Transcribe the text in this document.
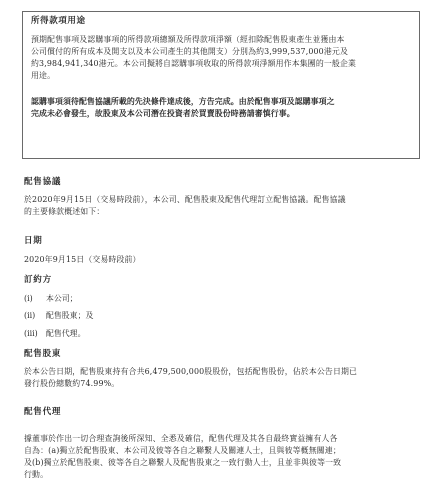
所得款項用途
預期配售事項及認購事項的所得款項總額及所得款項淨額（經扣除配售股東產生並獲由本
公司償付的所有成本及開支以及本公司產生的其他開支）分別為約3,999,537,000港元及
約3,984,941,340港元。本公司擬將自認購事項收取的所得款項淨額用作本集團的一般企業
用途。
認購事項須待配售協議所載的先決條件達成後，方告完成。由於配售事項及認購事項之
完成未必會發生，故股東及本公司潛在投資者於買賣股份時務請審慎行事。
配售協議
於2020年9月15日（交易時段前），本公司、配售股東及配售代理訂立配售協議。配售協議
的主要條款概述如下：
日期
2020年9月15日（交易時段前）
訂約方
(i) 本公司；
(ii) 配售股東；及
(iii) 配售代理。
配售股東
於本公告日期，配售股東持有合共6,479,500,000股股份，包括配售股份，佔於本公告日期已
發行股份總數約74.99%。
配售代理
據董事於作出一切合理查詢後所深知、全悉及確信，配售代理及其各自最終實益擁有人各
自為：(a)獨立於配售股東、本公司及彼等各自之聯繫人及關連人士，且與彼等概無關連；
及(b)獨立於配售股東、彼等各自之聯繫人及配售股東之一致行動人士，且並非與彼等一致
行動。
